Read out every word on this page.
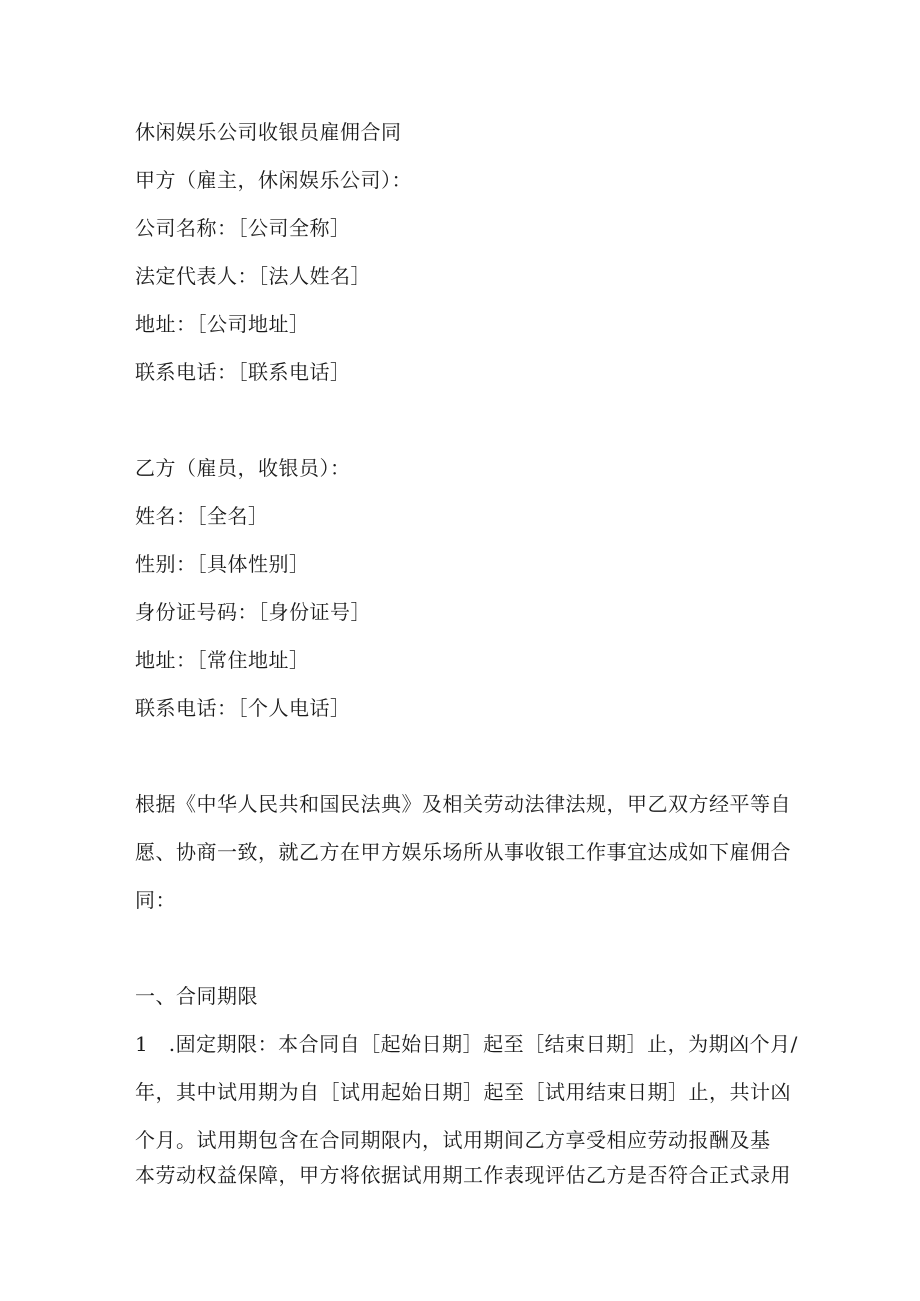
休闲娱乐公司收银员雇佣合同
甲方（雇主，休闲娱乐公司）：
公司名称：［公司全称］
法定代表人：［法人姓名］
地址：［公司地址］
联系电话：［联系电话］
乙方（雇员，收银员）：
姓名：［全名］
性别：［具体性别］
身份证号码：［身份证号］
地址：［常住地址］
联系电话：［个人电话］
根据《中华人民共和国民法典》及相关劳动法律法规，甲乙双方经平等自
愿、协商一致，就乙方在甲方娱乐场所从事收银工作事宜达成如下雇佣合
同：
一、合同期限
1　.固定期限：本合同自［起始日期］起至［结束日期］止，为期凶个月/
年，其中试用期为自［试用起始日期］起至［试用结束日期］止，共计凶
个月。试用期包含在合同期限内，试用期间乙方享受相应劳动报酬及基
本劳动权益保障，甲方将依据试用期工作表现评估乙方是否符合正式录用
